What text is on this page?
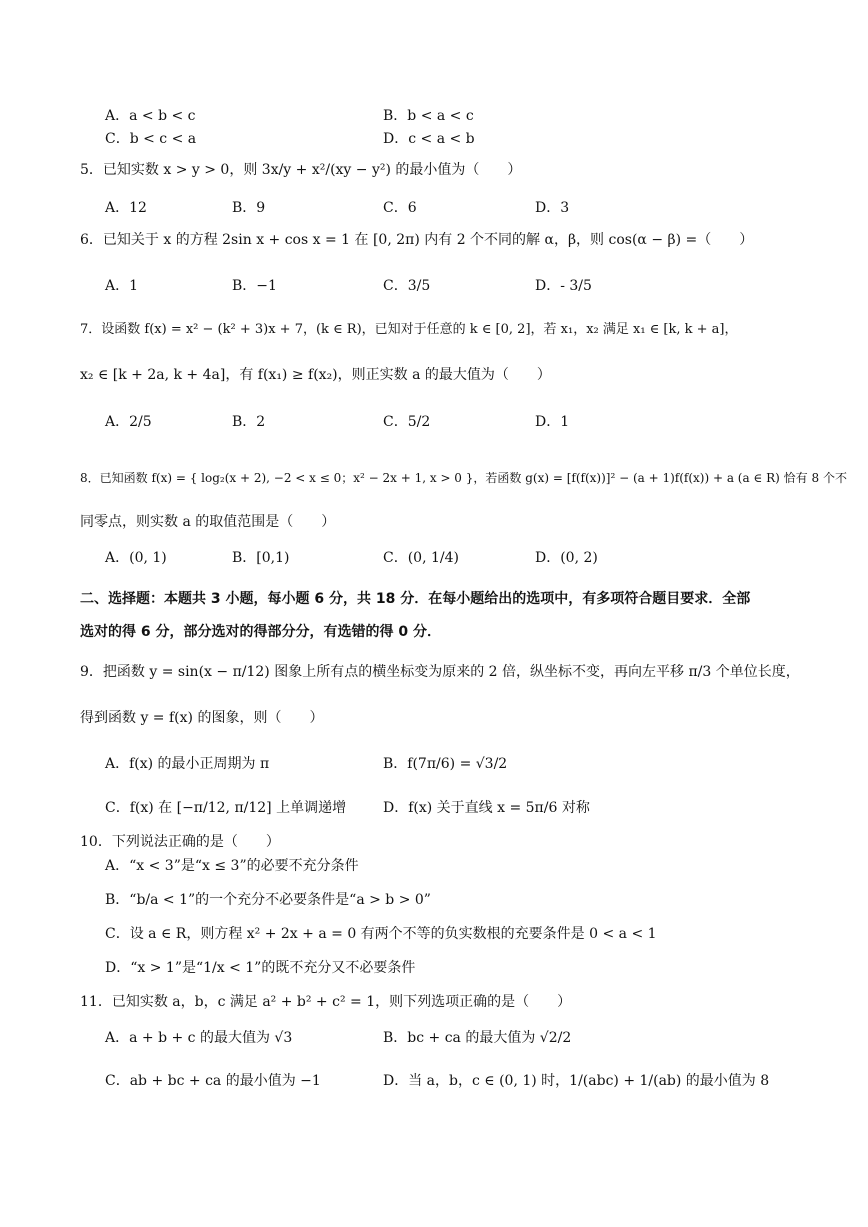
A．a < b < c	B．b < a < c
C．b < c < a	D．c < a < b
5．已知实数 x > y > 0，则 3x/y + x²/(xy − y²) 的最小值为（　　）
A．12	B．9	C．6	D．3
6．已知关于 x 的方程 2sin x + cos x = 1 在 [0, 2π) 内有 2 个不同的解 α，β，则 cos(α − β) =（　　）
A．1	B．−1	C．3/5	D．- 3/5
7．设函数 f(x) = x² − (k² + 3)x + 7，(k ∈ R)，已知对于任意的 k ∈ [0, 2]，若 x₁，x₂ 满足 x₁ ∈ [k, k + a]，
x₂ ∈ [k + 2a, k + 4a]，有 f(x₁) ≥ f(x₂)，则正实数 a 的最大值为（　　）
A．2/5	B．2	C．5/2	D．1
8．已知函数 f(x) = { log₂(x + 2), −2 < x ≤ 0；x² − 2x + 1, x > 0 }，若函数 g(x) = [f(f(x))]² − (a + 1)f(f(x)) + a (a ∈ R) 恰有 8 个不
同零点，则实数 a 的取值范围是（　　）
A．(0, 1)	B．[0,1)	C．(0, 1/4)	D．(0, 2)
二、选择题：本题共 3 小题，每小题 6 分，共 18 分．在每小题给出的选项中，有多项符合题目要求．全部
选对的得 6 分，部分选对的得部分分，有选错的得 0 分．
9．把函数 y = sin(x − π/12) 图象上所有点的横坐标变为原来的 2 倍，纵坐标不变，再向左平移 π/3 个单位长度，
得到函数 y = f(x) 的图象，则（　　）
A．f(x) 的最小正周期为 π	B．f(7π/6) = √3/2
C．f(x) 在 [−π/12, π/12] 上单调递增	D．f(x) 关于直线 x = 5π/6 对称
10．下列说法正确的是（　　）
A．“x < 3”是“x ≤ 3”的必要不充分条件
B．“b/a < 1”的一个充分不必要条件是“a > b > 0”
C．设 a ∈ R，则方程 x² + 2x + a = 0 有两个不等的负实数根的充要条件是 0 < a < 1
D．“x > 1”是“1/x < 1”的既不充分又不必要条件
11．已知实数 a，b，c 满足 a² + b² + c² = 1，则下列选项正确的是（　　）
A．a + b + c 的最大值为 √3	B．bc + ca 的最大值为 √2/2
C．ab + bc + ca 的最小值为 −1	D．当 a，b，c ∈ (0, 1) 时，1/(abc) + 1/(ab) 的最小值为 8
